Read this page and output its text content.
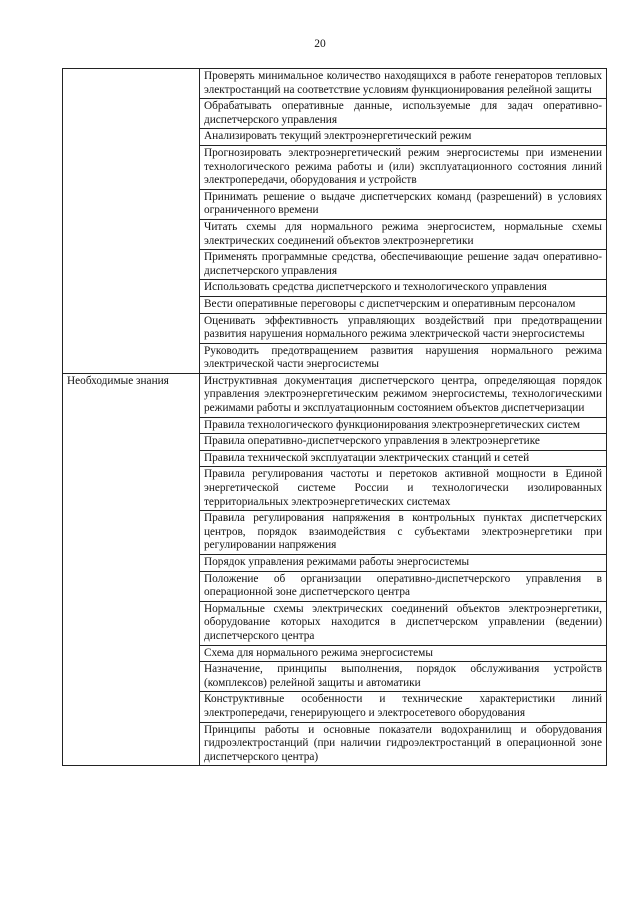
20
	Проверять минимальное количество находящихся в работе генераторов тепловых электростанций на соответствие условиям функционирования релейной защиты
	Обрабатывать оперативные данные, используемые для задач оперативно-диспетчерского управления
	Анализировать текущий электроэнергетический режим
	Прогнозировать электроэнергетический режим энергосистемы при изменении технологического режима работы и (или) эксплуатационного состояния линий электропередачи, оборудования и устройств
	Принимать решение о выдаче диспетчерских команд (разрешений) в условиях ограниченного времени
	Читать схемы для нормального режима энергосистем, нормальные схемы электрических соединений объектов электроэнергетики
	Применять программные средства, обеспечивающие решение задач оперативно-диспетчерского управления
	Использовать средства диспетчерского и технологического управления
	Вести оперативные переговоры с диспетчерским и оперативным персоналом
	Оценивать эффективность управляющих воздействий при предотвращении развития нарушения нормального режима электрической части энергосистемы
	Руководить предотвращением развития нарушения нормального режима электрической части энергосистемы
Необходимые знания	Инструктивная документация диспетчерского центра, определяющая порядок управления электроэнергетическим режимом энергосистемы, технологическими режимами работы и эксплуатационным состоянием объектов диспетчеризации
	Правила технологического функционирования электроэнергетических систем
	Правила оперативно-диспетчерского управления в электроэнергетике
	Правила технической эксплуатации электрических станций и сетей
	Правила регулирования частоты и перетоков активной мощности в Единой энергетической системе России и технологически изолированных территориальных электроэнергетических системах
	Правила регулирования напряжения в контрольных пунктах диспетчерских центров, порядок взаимодействия с субъектами электроэнергетики при регулировании напряжения
	Порядок управления режимами работы энергосистемы
	Положение об организации оперативно-диспетчерского управления в операционной зоне диспетчерского центра
	Нормальные схемы электрических соединений объектов электроэнергетики, оборудование которых находится в диспетчерском управлении (ведении) диспетчерского центра
	Схема для нормального режима энергосистемы
	Назначение, принципы выполнения, порядок обслуживания устройств (комплексов) релейной защиты и автоматики
	Конструктивные особенности и технические характеристики линий электропередачи, генерирующего и электросетевого оборудования
	Принципы работы и основные показатели водохранилищ и оборудования гидроэлектростанций (при наличии гидроэлектростанций в операционной зоне диспетчерского центра)
